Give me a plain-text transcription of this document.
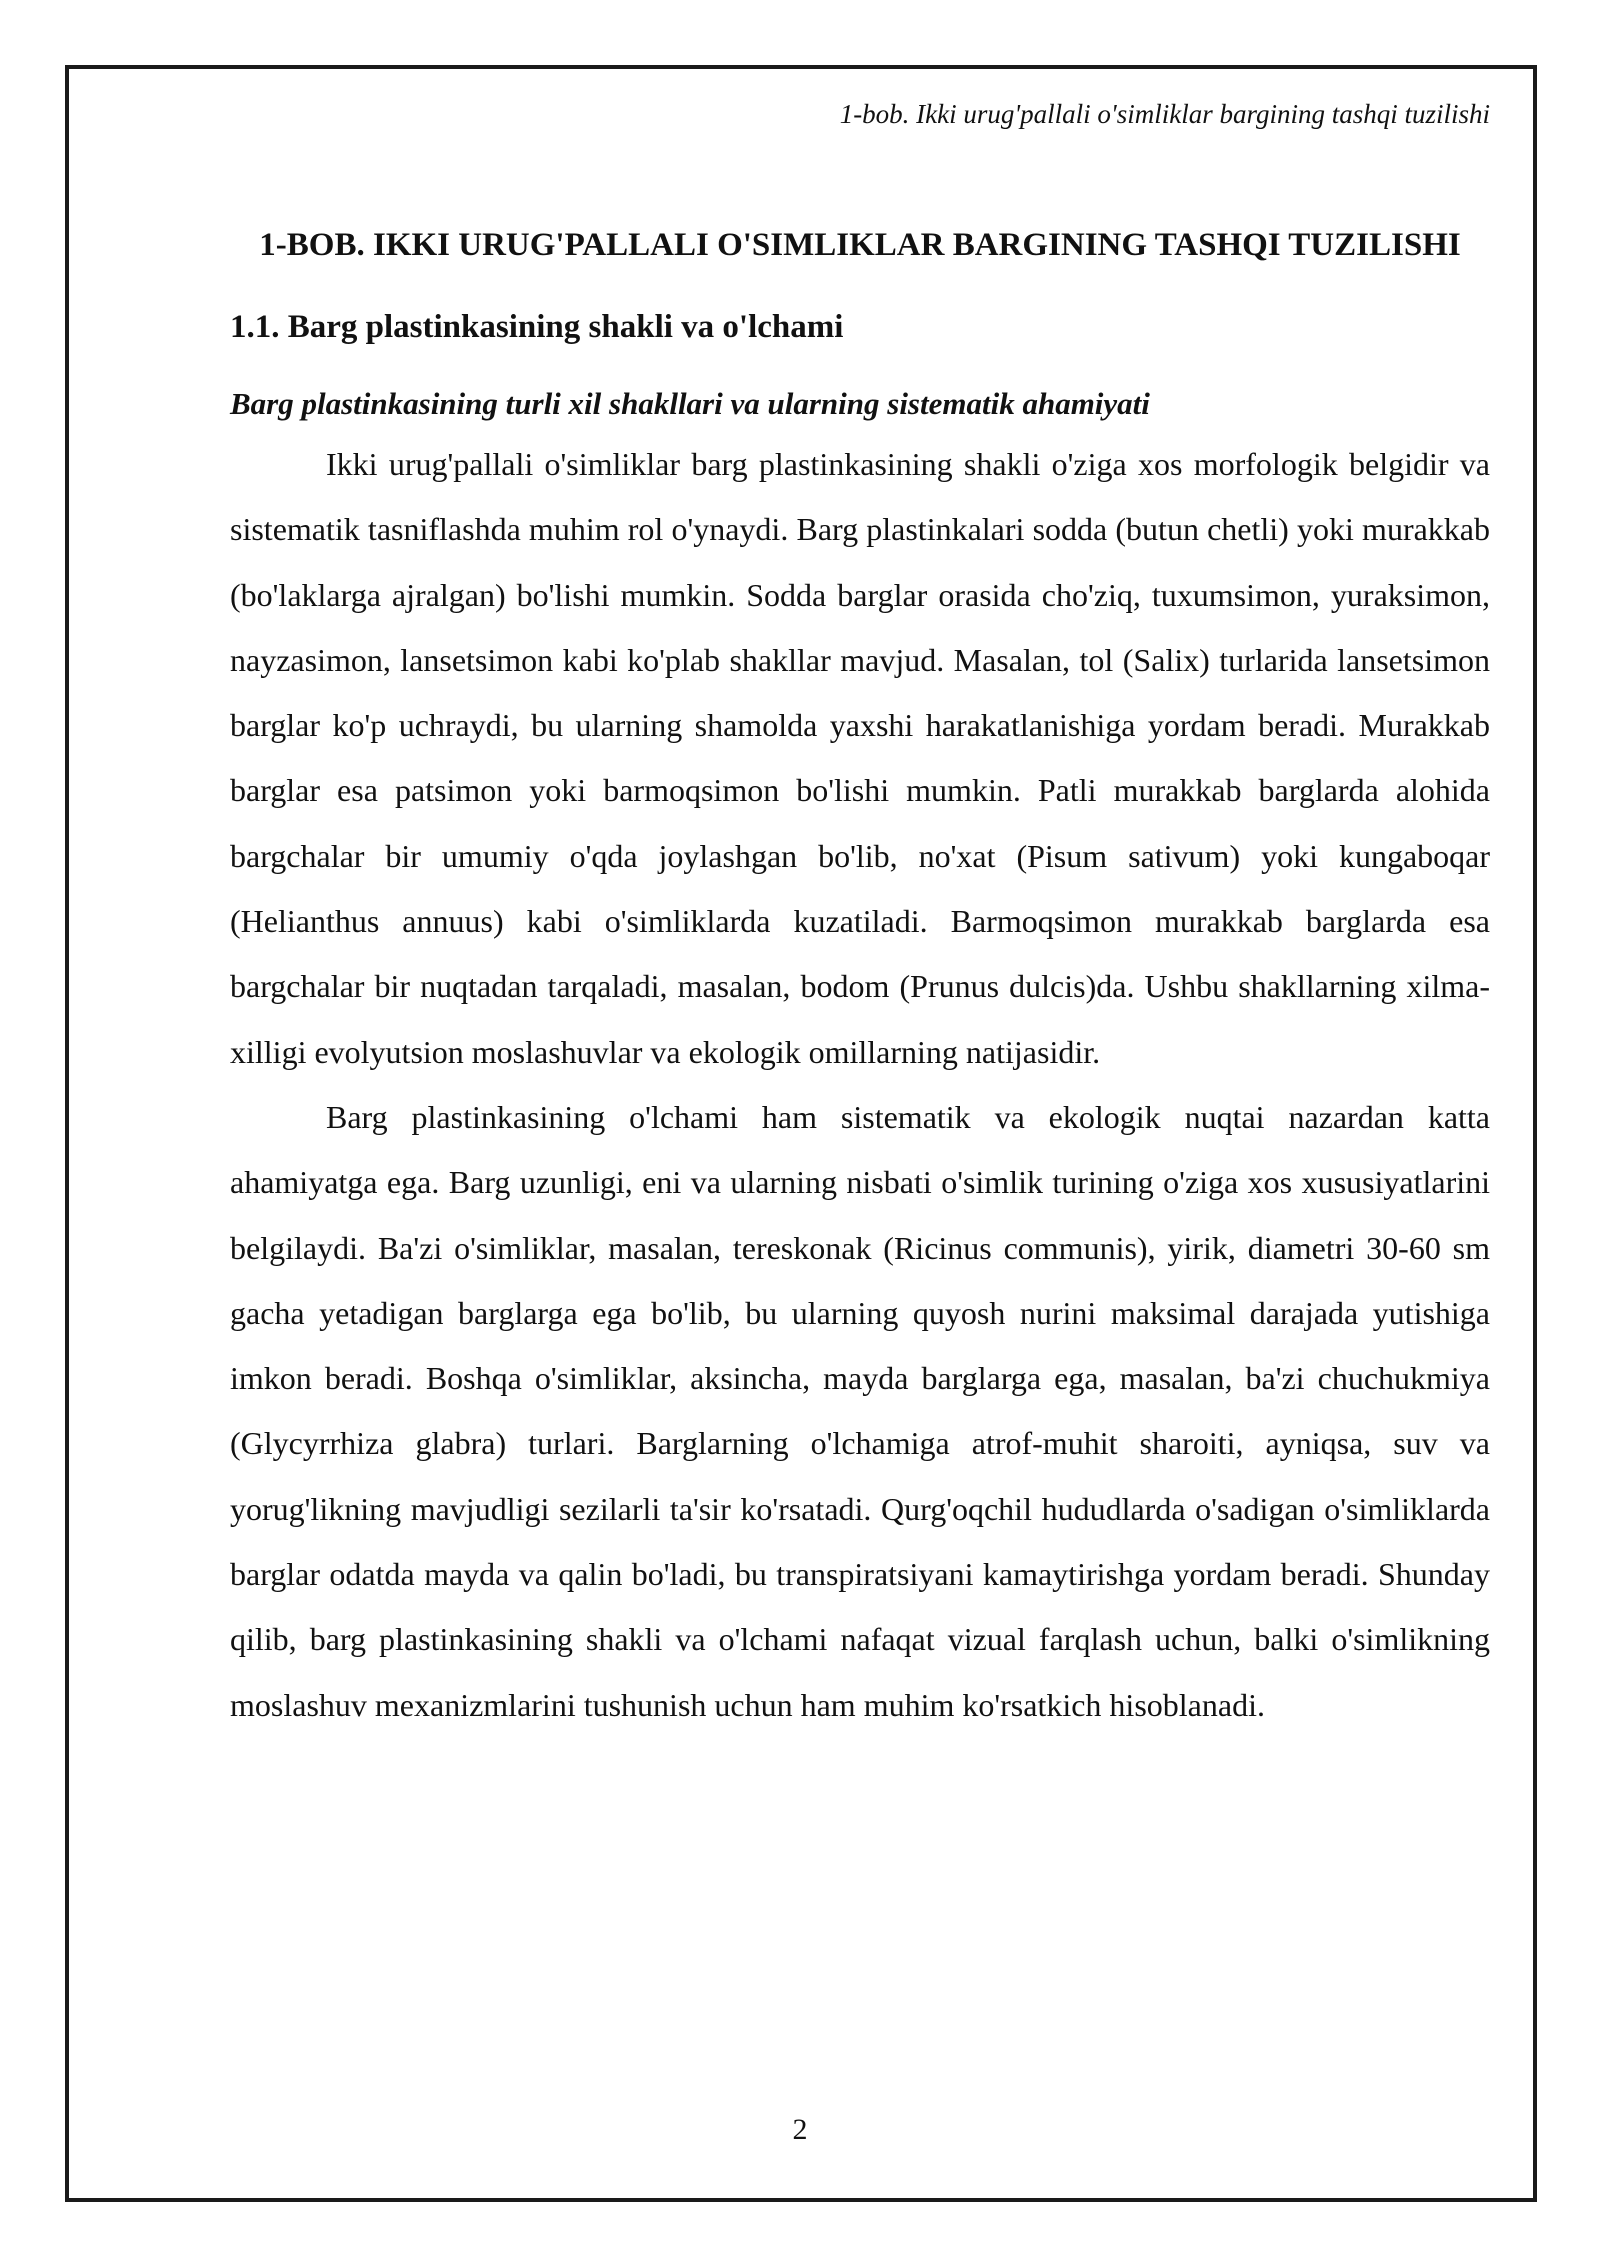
1-bob. Ikki urug'pallali o'simliklar bargining tashqi tuzilishi
1-BOB. IKKI URUG'PALLALI O'SIMLIKLAR BARGINING TASHQI TUZILISHI
1.1. Barg plastinkasining shakli va o'lchami
Barg plastinkasining turli xil shakllari va ularning sistematik ahamiyati

Ikki urug'pallali o'simliklar barg plastinkasining shakli o'ziga xos morfologik belgidir va sistematik tasniflashda muhim rol o'ynaydi. Barg plastinkalari sodda (butun chetli) yoki murakkab (bo'laklarga ajralgan) bo'lishi mumkin. Sodda barglar orasida cho'ziq, tuxumsimon, yuraksimon, nayzasimon, lansetsimon kabi ko'plab shakllar mavjud. Masalan, tol (Salix) turlarida lansetsimon barglar ko'p uchraydi, bu ularning shamolda yaxshi harakatlanishiga yordam beradi. Murakkab barglar esa patsimon yoki barmoqsimon bo'lishi mumkin. Patli murakkab barglarda alohida bargchalar bir umumiy o'qda joylashgan bo'lib, no'xat (Pisum sativum) yoki kungaboqar (Helianthus annuus) kabi o'simliklarda kuzatiladi. Barmoqsimon murakkab barglarda esa bargchalar bir nuqtadan tarqaladi, masalan, bodom (Prunus dulcis)da. Ushbu shakllarning xilma-xilligi evolyutsion moslashuvlar va ekologik omillarning natijasidir.

Barg plastinkasining o'lchami ham sistematik va ekologik nuqtai nazardan katta ahamiyatga ega. Barg uzunligi, eni va ularning nisbati o'simlik turining o'ziga xos xususiyatlarini belgilaydi. Ba'zi o'simliklar, masalan, tereskonak (Ricinus communis), yirik, diametri 30-60 sm gacha yetadigan barglarga ega bo'lib, bu ularning quyosh nurini maksimal darajada yutishiga imkon beradi. Boshqa o'simliklar, aksincha, mayda barglarga ega, masalan, ba'zi chuchukmiya (Glycyrrhiza glabra) turlari. Barglarning o'lchamiga atrof-muhit sharoiti, ayniqsa, suv va yorug'likning mavjudligi sezilarli ta'sir ko'rsatadi. Qurg'oqchil hududlarda o'sadigan o'simliklarda barglar odatda mayda va qalin bo'ladi, bu transpiratsiyani kamaytirishga yordam beradi. Shunday qilib, barg plastinkasining shakli va o'lchami nafaqat vizual farqlash uchun, balki o'simlikning moslashuv mexanizmlarini tushunish uchun ham muhim ko'rsatkich hisoblanadi.

2
